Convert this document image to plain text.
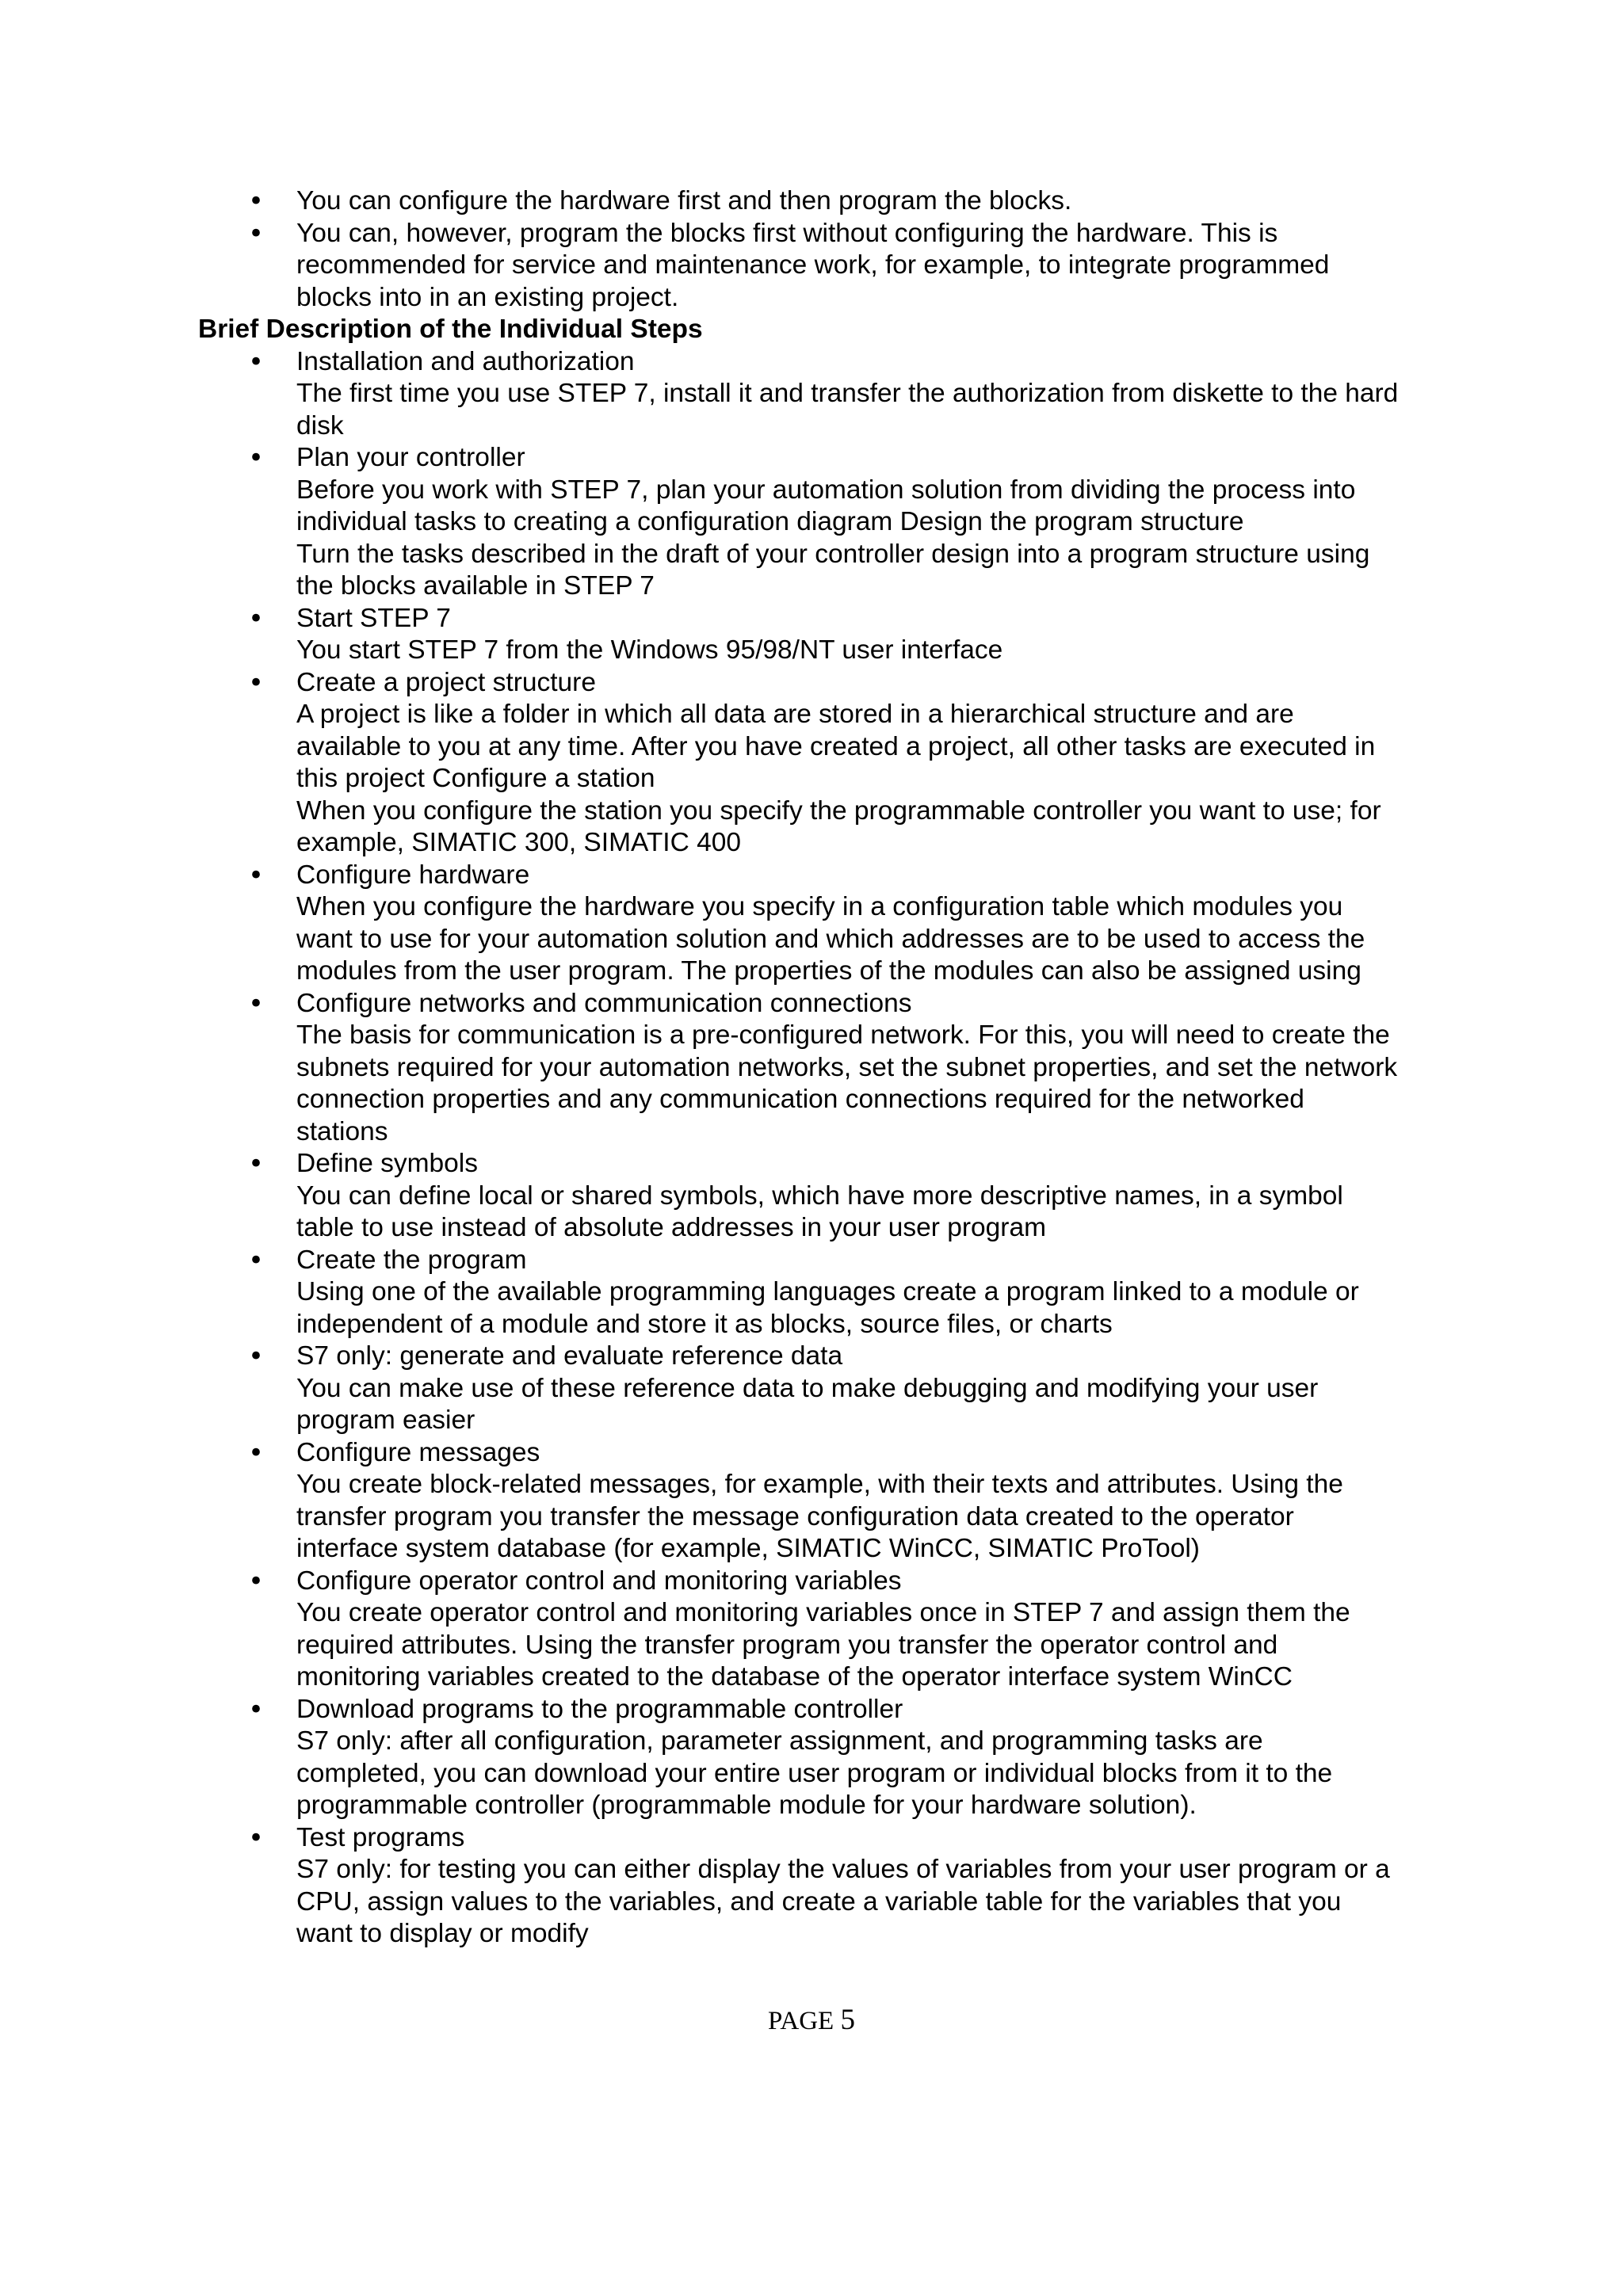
• You can configure the hardware first and then program the blocks.
• You can, however, program the blocks first without configuring the hardware. This is
recommended for service and maintenance work, for example, to integrate programmed
blocks into in an existing project.
Brief Description of the Individual Steps
• Installation and authorization
The first time you use STEP 7, install it and transfer the authorization from diskette to the hard
disk
• Plan your controller
Before you work with STEP 7, plan your automation solution from dividing the process into
individual tasks to creating a configuration diagram Design the program structure
Turn the tasks described in the draft of your controller design into a program structure using
the blocks available in STEP 7
• Start STEP 7
You start STEP 7 from the Windows 95/98/NT user interface
• Create a project structure
A project is like a folder in which all data are stored in a hierarchical structure and are
available to you at any time. After you have created a project, all other tasks are executed in
this project Configure a station
When you configure the station you specify the programmable controller you want to use; for
example, SIMATIC 300, SIMATIC 400
• Configure hardware
When you configure the hardware you specify in a configuration table which modules you
want to use for your automation solution and which addresses are to be used to access the
modules from the user program. The properties of the modules can also be assigned using
• Configure networks and communication connections
The basis for communication is a pre-configured network. For this, you will need to create the
subnets required for your automation networks, set the subnet properties, and set the network
connection properties and any communication connections required for the networked
stations
• Define symbols
You can define local or shared symbols, which have more descriptive names, in a symbol
table to use instead of absolute addresses in your user program
• Create the program
Using one of the available programming languages create a program linked to a module or
independent of a module and store it as blocks, source files, or charts
• S7 only: generate and evaluate reference data
You can make use of these reference data to make debugging and modifying your user
program easier
• Configure messages
You create block-related messages, for example, with their texts and attributes. Using the
transfer program you transfer the message configuration data created to the operator
interface system database (for example, SIMATIC WinCC, SIMATIC ProTool)
• Configure operator control and monitoring variables
You create operator control and monitoring variables once in STEP 7 and assign them the
required attributes. Using the transfer program you transfer the operator control and
monitoring variables created to the database of the operator interface system WinCC
• Download programs to the programmable controller
S7 only: after all configuration, parameter assignment, and programming tasks are
completed, you can download your entire user program or individual blocks from it to the
programmable controller (programmable module for your hardware solution).
• Test programs
S7 only: for testing you can either display the values of variables from your user program or a
CPU, assign values to the variables, and create a variable table for the variables that you
want to display or modify
PAGE 5
